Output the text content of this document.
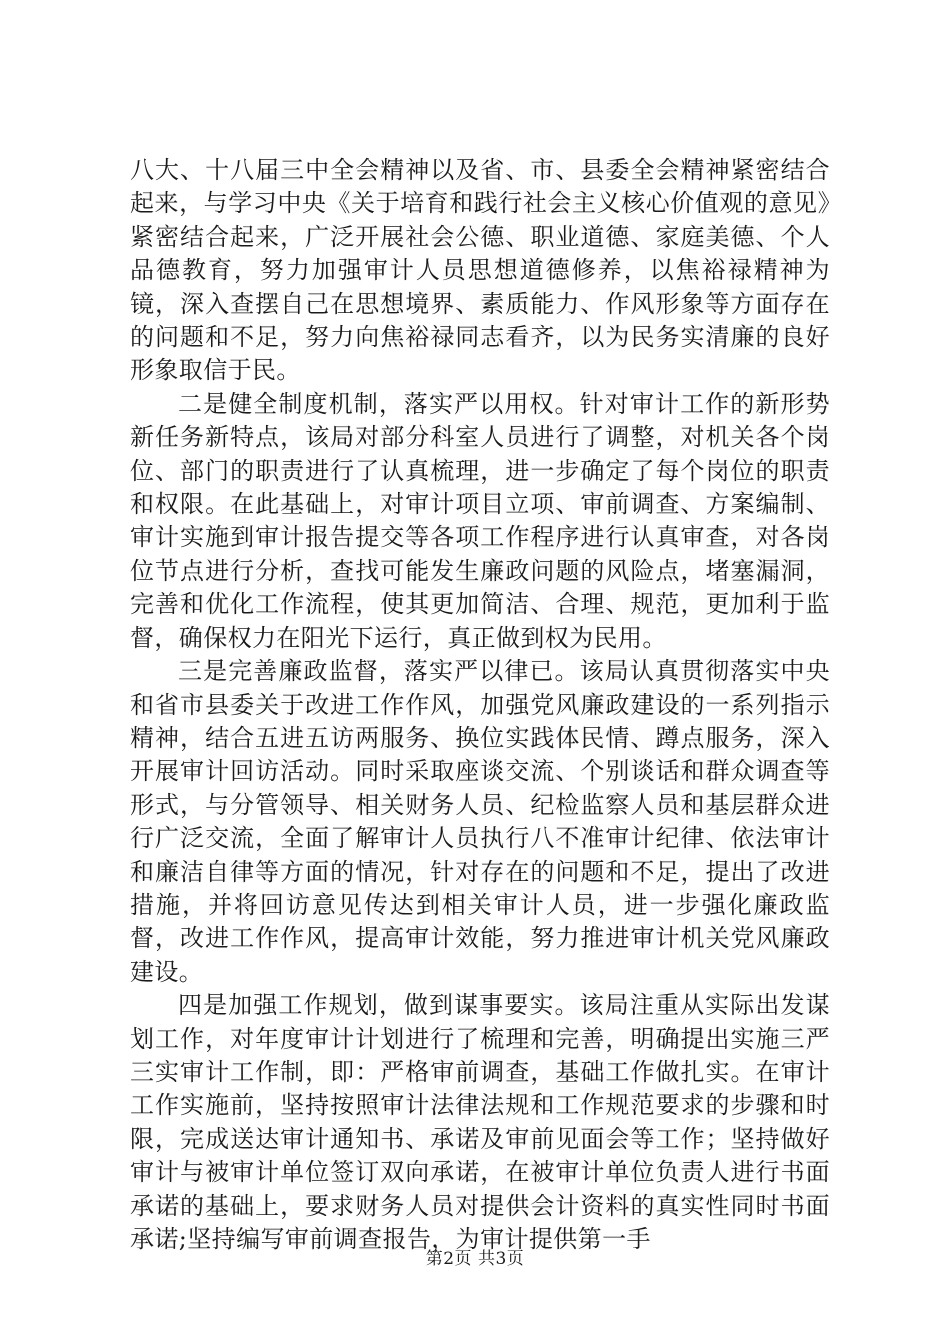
八大、十八届三中全会精神以及省、市、县委全会精神紧密结合起来，与学习中央《关于培育和践行社会主义核心价值观的意见》紧密结合起来，广泛开展社会公德、职业道德、家庭美德、个人品德教育，努力加强审计人员思想道德修养，以焦裕禄精神为镜，深入查摆自己在思想境界、素质能力、作风形象等方面存在的问题和不足，努力向焦裕禄同志看齐，以为民务实清廉的良好形象取信于民。

二是健全制度机制，落实严以用权。针对审计工作的新形势新任务新特点，该局对部分科室人员进行了调整，对机关各个岗位、部门的职责进行了认真梳理，进一步确定了每个岗位的职责和权限。在此基础上，对审计项目立项、审前调查、方案编制、审计实施到审计报告提交等各项工作程序进行认真审查，对各岗位节点进行分析，查找可能发生廉政问题的风险点，堵塞漏洞，完善和优化工作流程，使其更加简洁、合理、规范，更加利于监督，确保权力在阳光下运行，真正做到权为民用。

三是完善廉政监督，落实严以律已。该局认真贯彻落实中央和省市县委关于改进工作作风，加强党风廉政建设的一系列指示精神，结合五进五访两服务、换位实践体民情、蹲点服务，深入开展审计回访活动。同时采取座谈交流、个别谈话和群众调查等形式，与分管领导、相关财务人员、纪检监察人员和基层群众进行广泛交流，全面了解审计人员执行八不准审计纪律、依法审计和廉洁自律等方面的情况，针对存在的问题和不足，提出了改进措施，并将回访意见传达到相关审计人员，进一步强化廉政监督，改进工作作风，提高审计效能，努力推进审计机关党风廉政建设。

四是加强工作规划，做到谋事要实。该局注重从实际出发谋划工作，对年度审计计划进行了梳理和完善，明确提出实施三严三实审计工作制，即：严格审前调查，基础工作做扎实。在审计工作实施前，坚持按照审计法律法规和工作规范要求的步骤和时限，完成送达审计通知书、承诺及审前见面会等工作；坚持做好审计与被审计单位签订双向承诺，在被审计单位负责人进行书面承诺的基础上，要求财务人员对提供会计资料的真实性同时书面承诺;坚持编写审前调查报告，为审计提供第一手

第2页 共3页
